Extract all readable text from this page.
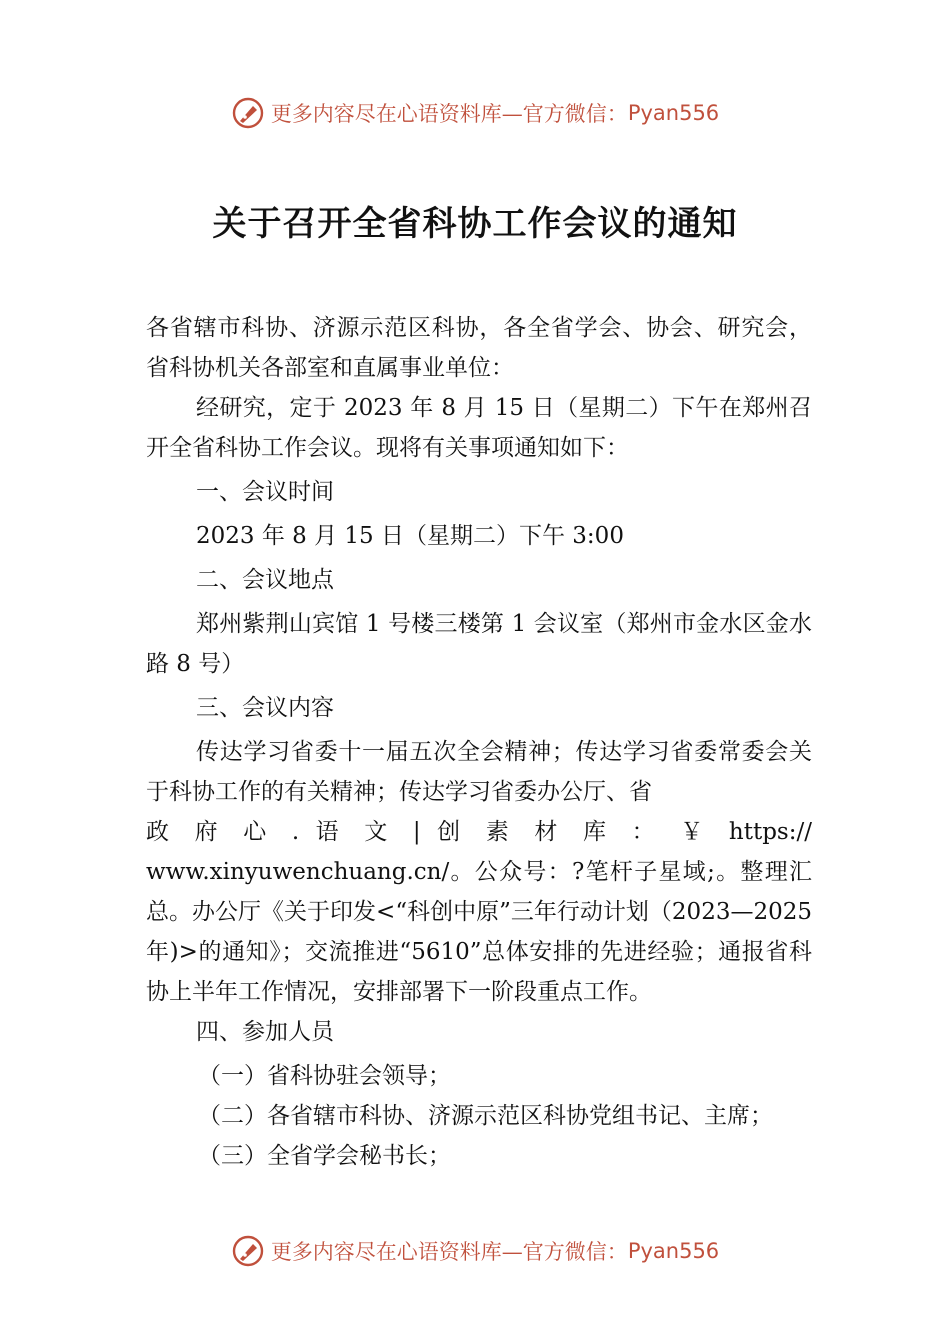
更多内容尽在心语资料库—官方微信： Pyan556
关于召开全省科协工作会议的通知

各省辖市科协、济源示范区科协，各全省学会、协会、研究会，省科协机关各部室和直属事业单位：

经研究，定于 2023 年 8 月 15 日（星期二）下午在郑州召开全省科协工作会议。现将有关事项通知如下：

一、会议时间

2023 年 8 月 15 日（星期二）下午 3:00

二、会议地点

郑州紫荆山宾馆 1 号楼三楼第 1 会议室（郑州市金水区金水路 8 号）

三、会议内容

传达学习省委十一届五次全会精神；传达学习省委常委会关于科协工作的有关精神；传达学习省委办公厅、省

政 府 心 . 语 文 | 创 素 材 库 ： ￥ https://

www.xinyuwenchuang.cn/。公众号：?笔杆子星域;。整理汇总。办公厅《关于印发<“科创中原”三年行动计划（2023—2025 年)>的通知》；交流推进“5610”总体安排的先进经验；通报省科协上半年工作情况，安排部署下一阶段重点工作。

四、参加人员

（一）省科协驻会领导；

（二）各省辖市科协、济源示范区科协党组书记、主席；

（三）全省学会秘书长；

更多内容尽在心语资料库—官方微信： Pyan556
